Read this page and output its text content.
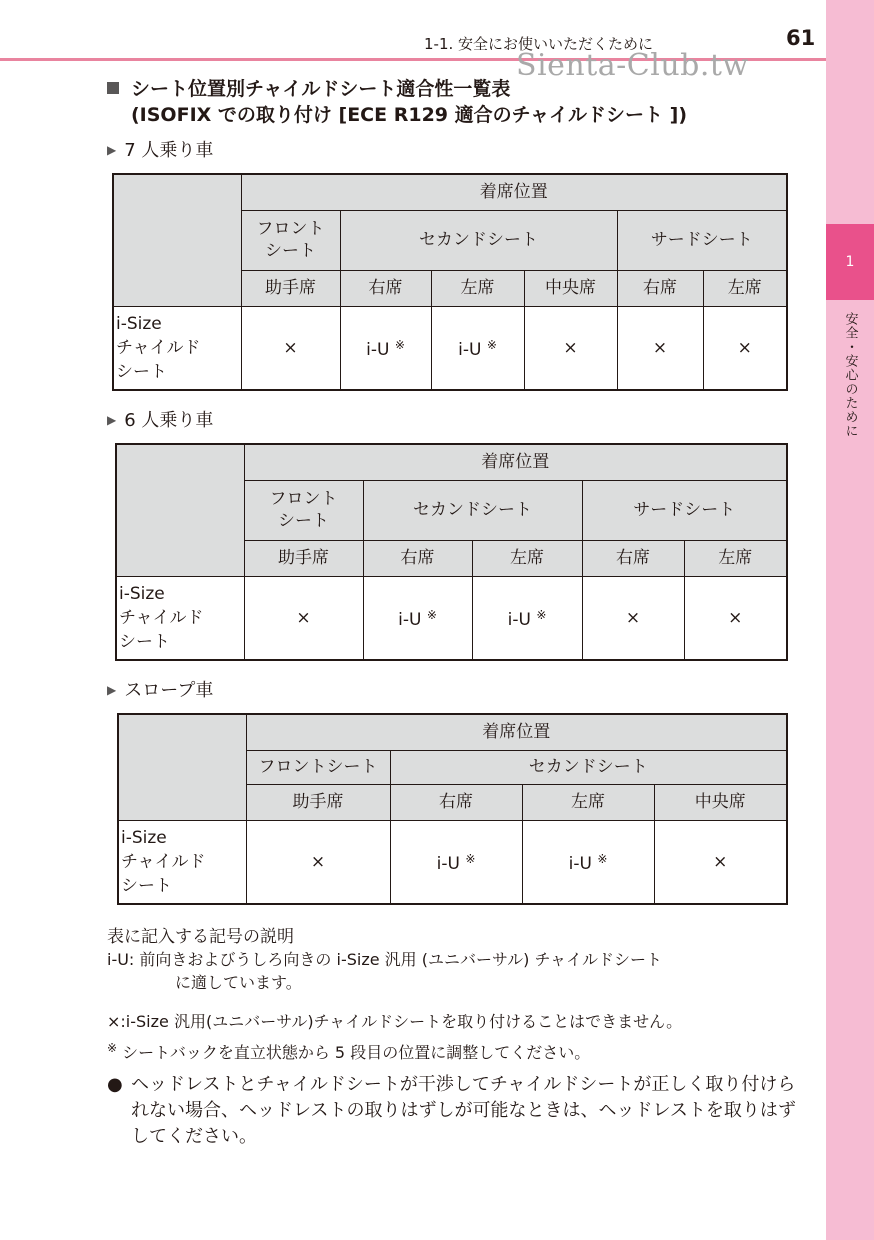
1
安全・安心のために
1-1. 安全にお使いいただくために	61
Sienta-Club.tw
シート位置別チャイルドシート適合性一覧表
(ISOFIX での取り付け [ECE R129 適合のチャイルドシート ])
▶ 7 人乗り車
	着席位置					
	フロント
シート	セカンドシート			サードシート	
	助手席	右席	左席	中央席	右席	左席
i-Size
チャイルド
シート	×	i-U ※	i-U ※	×	×	×
▶ 6 人乗り車
	着席位置				
	フロント
シート	セカンドシート		サードシート	
	助手席	右席	左席	右席	左席
i-Size
チャイルド
シート	×	i-U ※	i-U ※	×	×
▶ スロープ車
	着席位置			
	フロントシート	セカンドシート		
	助手席	右席	左席	中央席
i-Size
チャイルド
シート	×	i-U ※	i-U ※	×
表に記入する記号の説明
i-U: 前向きおよびうしろ向きの i-Size 汎用 (ユニバーサル) チャイルドシート
に適しています。
×:i-Size 汎用(ユニバーサル)チャイルドシートを取り付けることはできません。
※ シートバックを直立状態から 5 段目の位置に調整してください。
● ヘッドレストとチャイルドシートが干渉してチャイルドシートが正しく取り付けられない場合、ヘッドレストの取りはずしが可能なときは、ヘッドレストを取りはずしてください。
